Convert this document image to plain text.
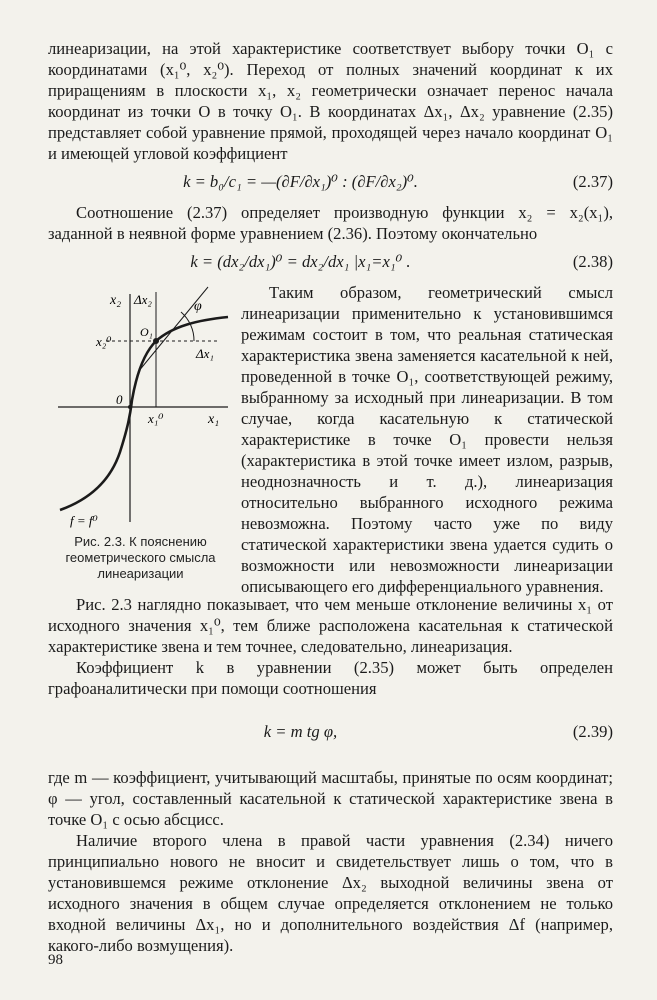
линеаризации, на этой характеристике соответствует выбору точки O₁ с координатами (x₁⁰, x₂⁰). Переход от полных значений координат к их приращениям в плоскости x₁, x₂ геометрически означает перенос начала координат из точки O в точку O₁. В координатах Δx₁, Δx₂ уравнение (2.35) представляет собой уравнение прямой, проходящей через начало координат O₁ и имеющей угловой коэффициент

k = b₀/c₁ = —(∂F/∂x₁)⁰ : (∂F/∂x₂)⁰.	(2.37)

Соотношение (2.37) определяет производную функции x₂ = x₂(x₁), заданной в неявной форме уравнением (2.36). Поэтому окончательно

k = (dx₂/dx₁)⁰ = dx₂/dx₁ |x₁=x₁⁰ .	(2.38)
x₂ Δx₂	φ
x₂⁰
O₁
Δx₁
0
x₁⁰	x₁
f = f⁰
Рис. 2.3. К пояснению геометрического смысла линеаризации

Таким образом, геометрический смысл линеаризации применительно к установившимся режимам состоит в том, что реальная статическая характеристика звена заменяется касательной к ней, проведенной в точке O₁, соответствующей режиму, выбранному за исходный при линеаризации. В том случае, когда касательную к статической характеристике в точке O₁ провести нельзя (характеристика в этой точке имеет излом, разрыв, неоднозначность и т. д.), линеаризация относительно выбранного исходного режима невозможна. Поэтому часто уже по виду статической характеристики звена удается судить о возможности или невозможности линеаризации описывающего его дифференциального уравнения.

Рис. 2.3 наглядно показывает, что чем меньше отклонение величины x₁ от исходного значения x₁⁰, тем ближе расположена касательная к статической характеристике звена и тем точнее, следовательно, линеаризация.

Коэффициент k в уравнении (2.35) может быть определен графоаналитически при помощи соотношения

k = m tg φ,	(2.39)

где m — коэффициент, учитывающий масштабы, принятые по осям координат; φ — угол, составленный касательной к статической характеристике звена в точке O₁ с осью абсцисс.

Наличие второго члена в правой части уравнения (2.34) ничего принципиально нового не вносит и свидетельствует лишь о том, что в установившемся режиме отклонение Δx₂ выходной величины звена от исходного значения в общем случае определяется отклонением не только входной величины Δx₁, но и дополнительного воздействия Δf (например, какого-либо возмущения).

98
